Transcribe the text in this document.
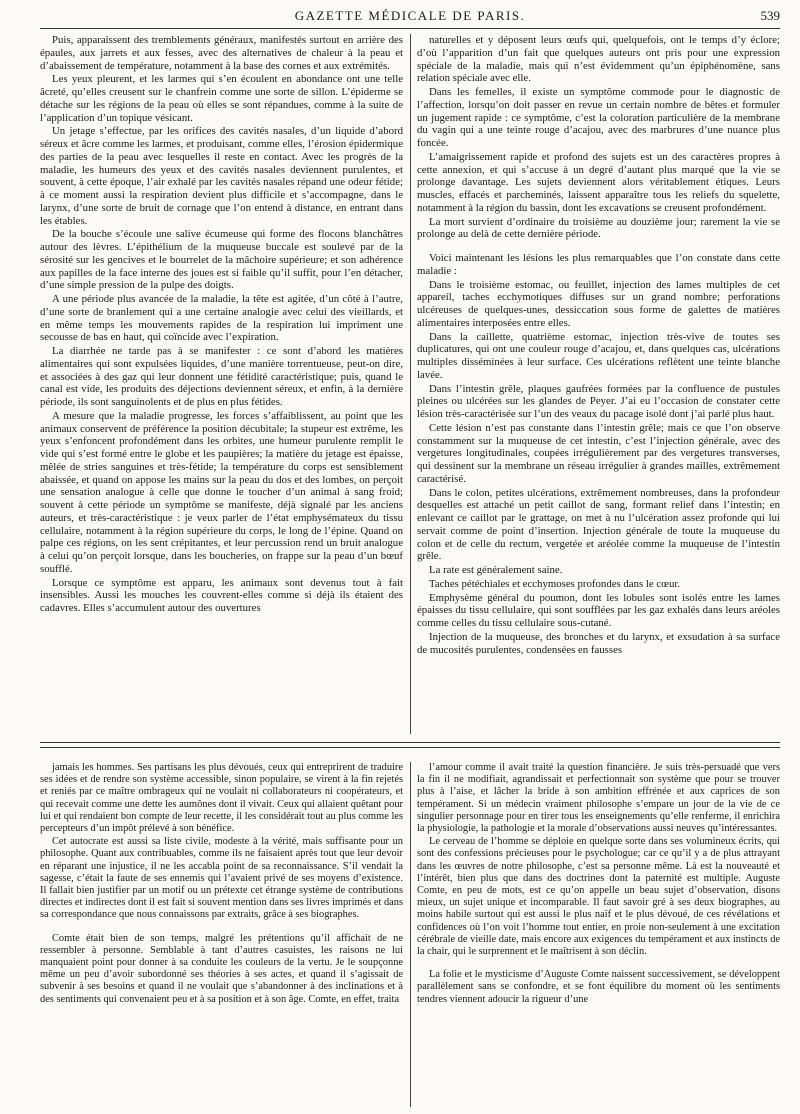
GAZETTE MÉDICALE DE PARIS.	539

Puis, apparaissent des tremblements généraux, manifestés surtout en arrière des épaules, aux jarrets et aux fesses, avec des alternatives de chaleur à la peau et d’abaissement de température, notamment à la base des cornes et aux extrémités.

Les yeux pleurent, et les larmes qui s’en écoulent en abondance ont une telle âcreté, qu’elles creusent sur le chanfrein comme une sorte de sillon. L’épiderme se détache sur les régions de la peau où elles se sont répandues, comme à la suite de l’application d’un topique vésicant.

Un jetage s’effectue, par les orifices des cavités nasales, d’un liquide d’abord séreux et âcre comme les larmes, et produisant, comme elles, l’érosion épidermique des parties de la peau avec lesquelles il reste en contact. Avec les progrès de la maladie, les humeurs des yeux et des cavités nasales deviennent purulentes, et souvent, à cette époque, l’air exhalé par les cavités nasales répand une odeur fétide; à ce moment aussi la respiration devient plus difficile et s’accompagne, dans le larynx, d’une sorte de bruit de cornage que l’on entend à distance, en entrant dans les étables.

De la bouche s’écoule une salive écumeuse qui forme des flocons blanchâtres autour des lèvres. L’épithélium de la muqueuse buccale est soulevé par de la sérosité sur les gencives et le bourrelet de la mâchoire supérieure; et son adhérence aux papilles de la face interne des joues est si faible qu’il suffit, pour l’en détacher, d’une simple pression de la pulpe des doigts.

A une période plus avancée de la maladie, la tête est agitée, d’un côté à l’autre, d’une sorte de branlement qui a une certaine analogie avec celui des vieillards, et en même temps les mouvements rapides de la respiration lui impriment une secousse de bas en haut, qui coïncide avec l’expiration.

La diarrhée ne tarde pas à se manifester : ce sont d’abord les matières alimentaires qui sont expulsées liquides, d’une manière torrentueuse, peut-on dire, et associées à des gaz qui leur donnent une fétidité caractéristique; puis, quand le canal est vide, les produits des déjections deviennent séreux, et enfin, à la dernière période, ils sont sanguinolents et de plus en plus fétides.

A mesure que la maladie progresse, les forces s’affaiblissent, au point que les animaux conservent de préférence la position décubitale; la stupeur est extrême, les yeux s’enfoncent profondément dans les orbites, une humeur purulente remplit le vide qui s’est formé entre le globe et les paupières; la matière du jetage est épaisse, mêlée de stries sanguines et très-fétide; la température du corps est sensiblement abaissée, et quand on appose les mains sur la peau du dos et des lombes, on perçoit une sensation analogue à celle que donne le toucher d’un animal à sang froid; souvent à cette période un symptôme se manifeste, déjà signalé par les anciens auteurs, et très-caractéristique : je veux parler de l’état emphysémateux du tissu cellulaire, notamment à la région supérieure du corps, le long de l’épine. Quand on palpe ces régions, on les sent crépitantes, et leur percussion rend un bruit analogue à celui qu’on perçoit lorsque, dans les boucheries, on frappe sur la peau d’un bœuf soufflé.

Lorsque ce symptôme est apparu, les animaux sont devenus tout à fait insensibles. Aussi les mouches les couvrent-elles comme si déjà ils étaient des cadavres. Elles s’accumulent autour des ouvertures

naturelles et y déposent leurs œufs qui, quelquefois, ont le temps d’y éclore; d’où l’apparition d’un fait que quelques auteurs ont pris pour une expression spéciale de la maladie, mais qui n’est évidemment qu’un épiphénomène, sans relation spéciale avec elle.

Dans les femelles, il existe un symptôme commode pour le diagnostic de l’affection, lorsqu’on doit passer en revue un certain nombre de bêtes et formuler un jugement rapide : ce symptôme, c’est la coloration particulière de la membrane du vagin qui a une teinte rouge d’acajou, avec des marbrures d’une nuance plus foncée.

L’amaigrissement rapide et profond des sujets est un des caractères propres à cette annexion, et qui s’accuse à un degré d’autant plus marqué que la vie se prolonge davantage. Les sujets deviennent alors véritablement étiques. Leurs muscles, effacés et parcheminés, laissent apparaître tous les reliefs du squelette, notamment à la région du bassin, dont les excavations se creusent profondément.

La mort survient d’ordinaire du troisième au douzième jour; rarement la vie se prolonge au delà de cette dernière période.

Voici maintenant les lésions les plus remarquables que l’on constate dans cette maladie :

Dans le troisième estomac, ou feuillet, injection des lames multiples de cet appareil, taches ecchymotiques diffuses sur un grand nombre; perforations ulcéreuses de quelques-unes, dessiccation sous forme de galettes de matières alimentaires interposées entre elles.

Dans la caillette, quatrième estomac, injection très-vive de toutes ses duplicatures, qui ont une couleur rouge d’acajou, et, dans quelques cas, ulcérations multiples disséminées à leur surface. Ces ulcérations reflètent une teinte blanche lavée.

Dans l’intestin grêle, plaques gaufrées formées par la confluence de pustules pleines ou ulcérées sur les glandes de Peyer. J’ai eu l’occasion de constater cette lésion très-caractérisée sur l’un des veaux du pacage isolé dont j’ai parlé plus haut.

Cette lésion n’est pas constante dans l’intestin grêle; mais ce que l’on observe constamment sur la muqueuse de cet intestin, c’est l’injection générale, avec des vergetures longitudinales, coupées irrégulièrement par des vergetures transverses, qui dessinent sur la membrane un réseau irrégulier à grandes mailles, extrêmement caractérisé.

Dans le colon, petites ulcérations, extrêmement nombreuses, dans la profondeur desquelles est attaché un petit caillot de sang, formant relief dans l’intestin; en enlevant ce caillot par le grattage, on met à nu l’ulcération assez profonde qui lui servait comme de point d’insertion. Injection générale de toute la muqueuse du colon et de celle du rectum, vergetée et aréolée comme la muqueuse de l’intestin grêle.

La rate est généralement saine.

Taches pétéchiales et ecchymoses profondes dans le cœur.

Emphysème général du poumon, dont les lobules sont isolés entre les lames épaisses du tissu cellulaire, qui sont soufflées par les gaz exhalés dans leurs aréoles comme celles du tissu cellulaire sous-cutané.

Injection de la muqueuse, des bronches et du larynx, et exsudation à sa surface de mucosités purulentes, condensées en fausses

jamais les hommes. Ses partisans les plus dévoués, ceux qui entreprirent de traduire ses idées et de rendre son système accessible, sinon populaire, se virent à la fin rejetés et reniés par ce maître ombrageux qui ne voulait ni collaborateurs ni coopérateurs, et qui recevait comme une dette les aumônes dont il vivait. Ceux qui allaient quêtant pour lui et qui rendaient bon compte de leur recette, il les considérait tout au plus comme les percepteurs d’un impôt prélevé à son bénéfice.

Cet autocrate est aussi sa liste civile, modeste à la vérité, mais suffisante pour un philosophe. Quant aux contribuables, comme ils ne faisaient après tout que leur devoir en réparant une injustice, il ne les accabla point de sa reconnaissance. S’il vendait la sagesse, c’était la faute de ses ennemis qui l’avaient privé de ses moyens d’existence. Il fallait bien justifier par un motif ou un prétexte cet étrange système de contributions directes et indirectes dont il est fait si souvent mention dans ses livres imprimés et dans sa correspondance que nous connaissons par extraits, grâce à ses biographes.

Comte était bien de son temps, malgré les prétentions qu’il affichait de ne ressembler à personne. Semblable à tant d’autres casuistes, les raisons ne lui manquaient point pour donner à sa conduite les couleurs de la vertu. Je le soupçonne même un peu d’avoir subordonné ses théories à ses actes, et quand il s’agissait de subvenir à ses besoins et quand il ne voulait que s’abandonner à des inclinations et à des sentiments qui convenaient peu et à sa position et à son âge. Comte, en effet, traita

l’amour comme il avait traité la question financière. Je suis très-persuadé que vers la fin il ne modifiait, agrandissait et perfectionnait son système que pour se trouver plus à l’aise, et lâcher la bride à son ambition effrénée et aux caprices de son tempérament. Si un médecin vraiment philosophe s’empare un jour de la vie de ce singulier personnage pour en tirer tous les enseignements qu’elle renferme, il enrichira la physiologie, la pathologie et la morale d’observations aussi neuves qu’intéressantes.

Le cerveau de l’homme se déploie en quelque sorte dans ses volumineux écrits, qui sont des confessions précieuses pour le psychologue; car ce qu’il y a de plus attrayant dans les œuvres de notre philosophe, c’est sa personne même. Là est la nouveauté et l’intérêt, bien plus que dans des doctrines dont la paternité est multiple. Auguste Comte, en peu de mots, est ce qu’on appelle un beau sujet d’observation, disons mieux, un sujet unique et incomparable. Il faut savoir gré à ses deux biographes, au moins habile surtout qui est aussi le plus naïf et le plus dévoué, de ces révélations et confidences où l’on voit l’homme tout entier, en proie non-seulement à une excitation cérébrale de vieille date, mais encore aux exigences du tempérament et aux instincts de la chair, qui le surprennent et le maîtrisent à son déclin.

La folie et le mysticisme d’Auguste Comte naissent successivement, se développent parallèlement sans se confondre, et se font équilibre du moment où les sentiments tendres viennent adoucir la rigueur d’une
